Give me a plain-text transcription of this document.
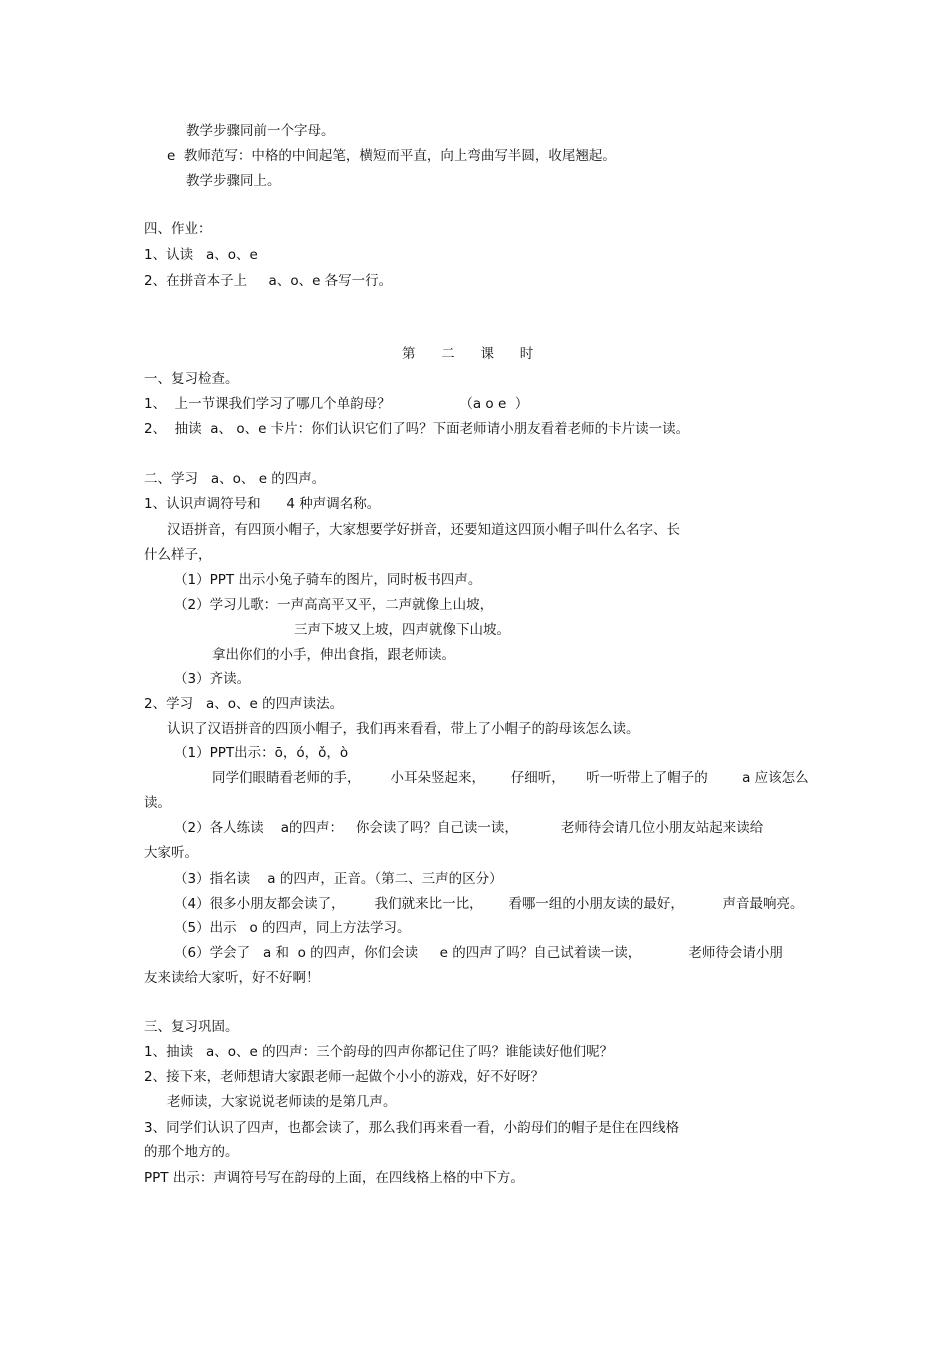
教学步骤同前一个字母。
e  教师范写：中格的中间起笔，横短而平直，向上弯曲写半圆，收尾翘起。
教学步骤同上。
四、作业：
1、认读   a、o、e
2、在拼音本子上     a、o、e 各写一行。
第      二      课      时
一、复习检查。
1、  上一节课我们学习了哪几个单韵母？                （a o e  ）
2、  抽读  a、 o、e 卡片：你们认识它们了吗？下面老师请小朋友看着老师的卡片读一读。
二、学习   a、o、 e 的四声。
1、认识声调符号和      4 种声调名称。
汉语拼音，有四顶小帽子，大家想要学好拼音，还要知道这四顶小帽子叫什么名字、长
什么样子，
（1）PPT 出示小兔子骑车的图片，同时板书四声。
（2）学习儿歌：一声高高平又平，二声就像上山坡，
三声下坡又上坡，四声就像下山坡。
拿出你们的小手，伸出食指，跟老师读。
（3）齐读。
2、学习   a、o、e 的四声读法。
认识了汉语拼音的四顶小帽子，我们再来看看，带上了小帽子的韵母该怎么读。
（1）PPT出示：ō，ó，ǒ，ò
同学们眼睛看老师的手，       小耳朵竖起来，      仔细听，     听一听带上了帽子的        a 应该怎么
读。
（2）各人练读    a的四声：   你会读了吗？自己读一读，          老师待会请几位小朋友站起来读给
大家听。
（3）指名读    a 的四声，正音。（第二、三声的区分）
（4）很多小朋友都会读了，       我们就来比一比，      看哪一组的小朋友读的最好，         声音最响亮。
（5）出示   o 的四声，同上方法学习。
（6）学会了   a 和  o 的四声，你们会读     e 的四声了吗？自己试着读一读，           老师待会请小朋
友来读给大家听，好不好啊！
三、复习巩固。
1、抽读   a、o、e 的四声：三个韵母的四声你都记住了吗？谁能读好他们呢？
2、接下来，老师想请大家跟老师一起做个小小的游戏，好不好呀？
老师读，大家说说老师读的是第几声。
3、同学们认识了四声，也都会读了，那么我们再来看一看，小韵母们的帽子是住在四线格
的那个地方的。
PPT 出示：声调符号写在韵母的上面，在四线格上格的中下方。
